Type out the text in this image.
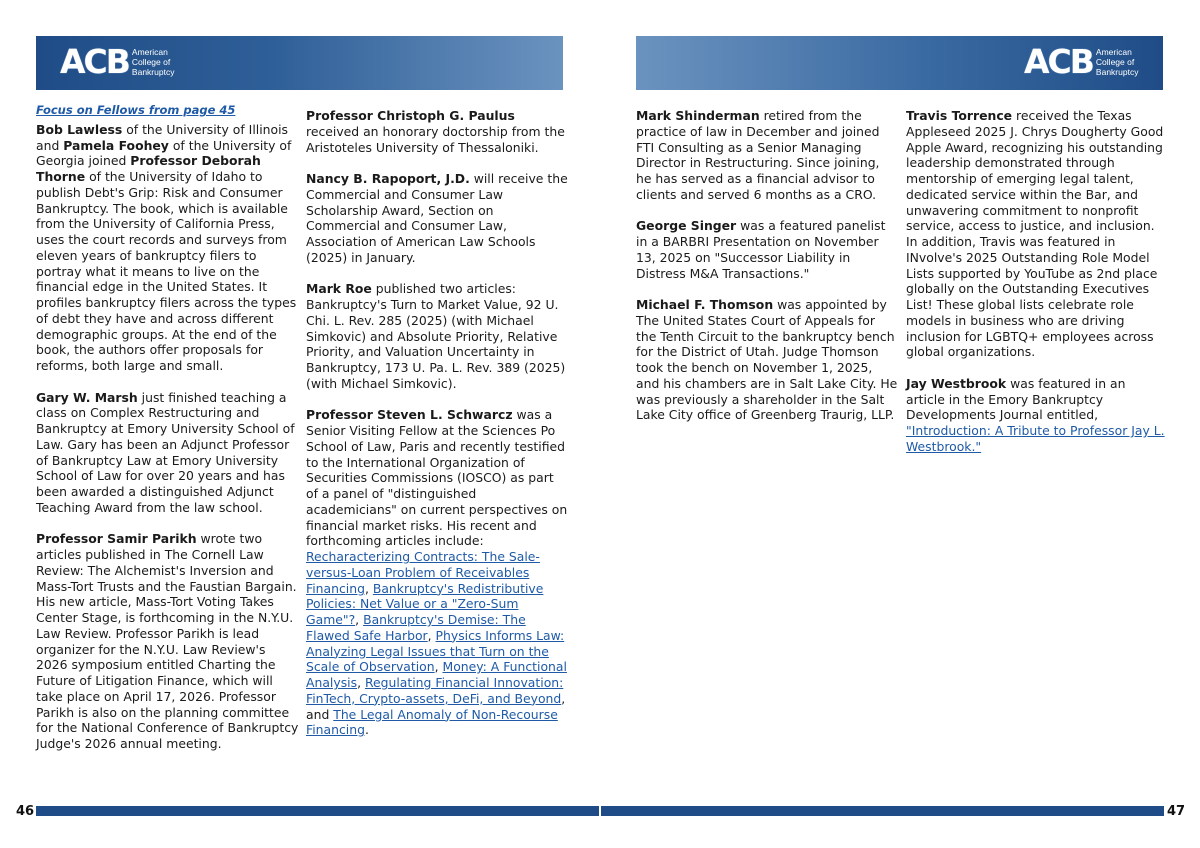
ACB American
College of
Bankruptcy	ACB American
College of
Bankruptcy
Focus on Fellows from page 45

Bob Lawless of the University of Illinois and Pamela Foohey of the University of Georgia joined Professor Deborah Thorne of the University of Idaho to publish Debt's Grip: Risk and Consumer Bankruptcy. The book, which is available from the University of California Press, uses the court records and surveys from eleven years of bankruptcy filers to portray what it means to live on the financial edge in the United States. It profiles bankruptcy filers across the types of debt they have and across different demographic groups. At the end of the book, the authors offer proposals for reforms, both large and small.

Gary W. Marsh just finished teaching a class on Complex Restructuring and Bankruptcy at Emory University School of Law. Gary has been an Adjunct Professor of Bankruptcy Law at Emory University School of Law for over 20 years and has been awarded a distinguished Adjunct Teaching Award from the law school.

Professor Samir Parikh wrote two articles published in The Cornell Law Review: The Alchemist's Inversion and Mass-Tort Trusts and the Faustian Bargain. His new article, Mass-Tort Voting Takes Center Stage, is forthcoming in the N.Y.U. Law Review. Professor Parikh is lead organizer for the N.Y.U. Law Review's 2026 symposium entitled Charting the Future of Litigation Finance, which will take place on April 17, 2026. Professor Parikh is also on the planning committee for the National Conference of Bankruptcy Judge's 2026 annual meeting.

Professor Christoph G. Paulus received an honorary doctorship from the Aristoteles University of Thessaloniki.

Nancy B. Rapoport, J.D. will receive the Commercial and Consumer Law Scholarship Award, Section on Commercial and Consumer Law, Association of American Law Schools (2025) in January.

Mark Roe published two articles: Bankruptcy's Turn to Market Value, 92 U. Chi. L. Rev. 285 (2025) (with Michael Simkovic) and Absolute Priority, Relative Priority, and Valuation Uncertainty in Bankruptcy, 173 U. Pa. L. Rev. 389 (2025) (with Michael Simkovic).

Professor Steven L. Schwarcz was a Senior Visiting Fellow at the Sciences Po School of Law, Paris and recently testified to the International Organization of Securities Commissions (IOSCO) as part of a panel of "distinguished academicians" on current perspectives on financial market risks. His recent and forthcoming articles include: Recharacterizing Contracts: The Sale-versus-Loan Problem of Receivables Financing, Bankruptcy's Redistributive Policies: Net Value or a "Zero-Sum Game"?, Bankruptcy's Demise: The Flawed Safe Harbor, Physics Informs Law: Analyzing Legal Issues that Turn on the Scale of Observation, Money: A Functional Analysis, Regulating Financial Innovation: FinTech, Crypto-assets, DeFi, and Beyond, and The Legal Anomaly of Non-Recourse Financing.

Mark Shinderman retired from the practice of law in December and joined FTI Consulting as a Senior Managing Director in Restructuring. Since joining, he has served as a financial advisor to clients and served 6 months as a CRO.

George Singer was a featured panelist in a BARBRI Presentation on November 13, 2025 on "Successor Liability in Distress M&A Transactions."

Michael F. Thomson was appointed by The United States Court of Appeals for the Tenth Circuit to the bankruptcy bench for the District of Utah. Judge Thomson took the bench on November 1, 2025, and his chambers are in Salt Lake City. He was previously a shareholder in the Salt Lake City office of Greenberg Traurig, LLP.

Travis Torrence received the Texas Appleseed 2025 J. Chrys Dougherty Good Apple Award, recognizing his outstanding leadership demonstrated through mentorship of emerging legal talent, dedicated service within the Bar, and unwavering commitment to nonprofit service, access to justice, and inclusion. In addition, Travis was featured in INvolve's 2025 Outstanding Role Model Lists supported by YouTube as 2nd place globally on the Outstanding Executives List! These global lists celebrate role models in business who are driving inclusion for LGBTQ+ employees across global organizations.

Jay Westbrook was featured in an article in the Emory Bankruptcy Developments Journal entitled, "Introduction: A Tribute to Professor Jay L. Westbrook."

46	47
